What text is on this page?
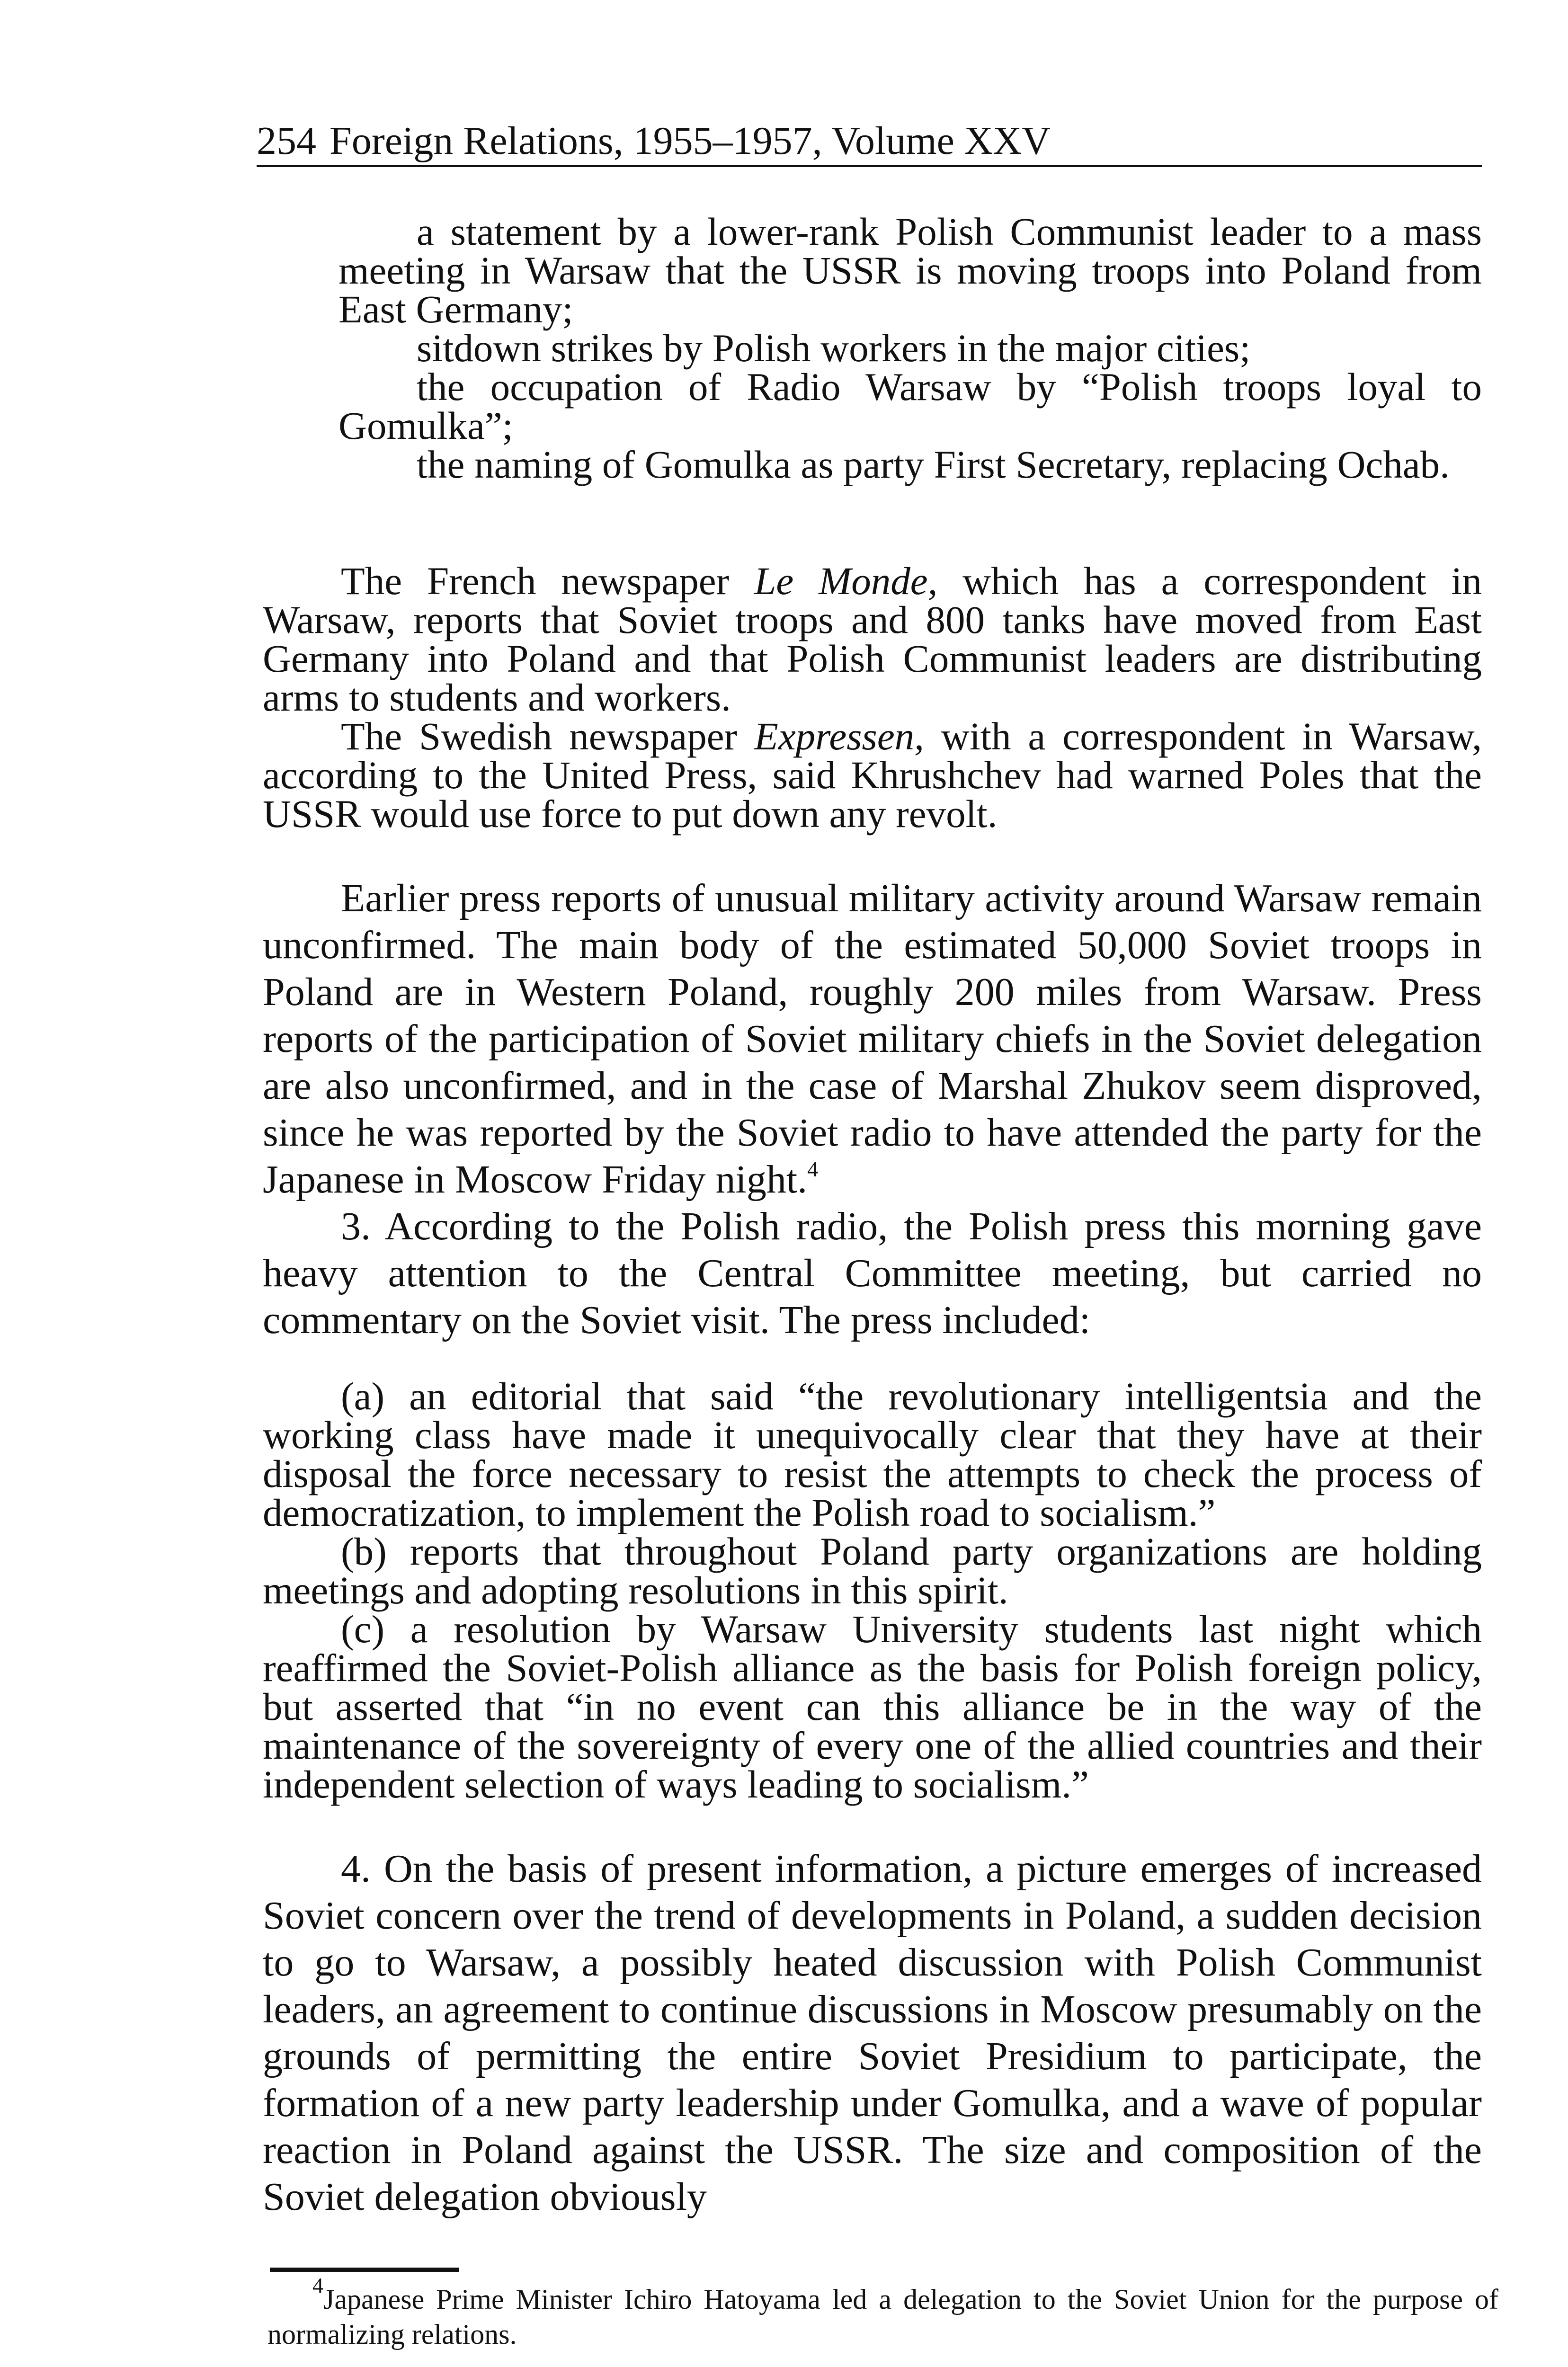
254 Foreign Relations, 1955–1957, Volume XXV

a statement by a lower-rank Polish Communist leader to a mass meeting in Warsaw that the USSR is moving troops into Poland from East Germany;

sitdown strikes by Polish workers in the major cities;

the occupation of Radio Warsaw by “Polish troops loyal to Gomulka”;

the naming of Gomulka as party First Secretary, replacing Ochab.

The French newspaper Le Monde, which has a correspondent in Warsaw, reports that Soviet troops and 800 tanks have moved from East Germany into Poland and that Polish Communist leaders are distributing arms to students and workers.

The Swedish newspaper Expressen, with a correspondent in Warsaw, according to the United Press, said Khrushchev had warned Poles that the USSR would use force to put down any revolt.

Earlier press reports of unusual military activity around Warsaw remain unconfirmed. The main body of the estimated 50,000 Soviet troops in Poland are in Western Poland, roughly 200 miles from Warsaw. Press reports of the participation of Soviet military chiefs in the Soviet delegation are also unconfirmed, and in the case of Marshal Zhukov seem disproved, since he was reported by the Soviet radio to have attended the party for the Japanese in Moscow Friday night.$^4$

3. According to the Polish radio, the Polish press this morning gave heavy attention to the Central Committee meeting, but carried no commentary on the Soviet visit. The press included:

(a) an editorial that said “the revolutionary intelligentsia and the working class have made it unequivocally clear that they have at their disposal the force necessary to resist the attempts to check the process of democratization, to implement the Polish road to socialism.”

(b) reports that throughout Poland party organizations are holding meetings and adopting resolutions in this spirit.

(c) a resolution by Warsaw University students last night which reaffirmed the Soviet-Polish alliance as the basis for Polish foreign policy, but asserted that “in no event can this alliance be in the way of the maintenance of the sovereignty of every one of the allied countries and their independent selection of ways leading to socialism.”

4. On the basis of present information, a picture emerges of increased Soviet concern over the trend of developments in Poland, a sudden decision to go to Warsaw, a possibly heated discussion with Polish Communist leaders, an agreement to continue discussions in Moscow presumably on the grounds of permitting the entire Soviet Presidium to participate, the formation of a new party leadership under Gomulka, and a wave of popular reaction in Poland against the USSR. The size and composition of the Soviet delegation obviously

$^4$Japanese Prime Minister Ichiro Hatoyama led a delegation to the Soviet Union for the purpose of normalizing relations.
